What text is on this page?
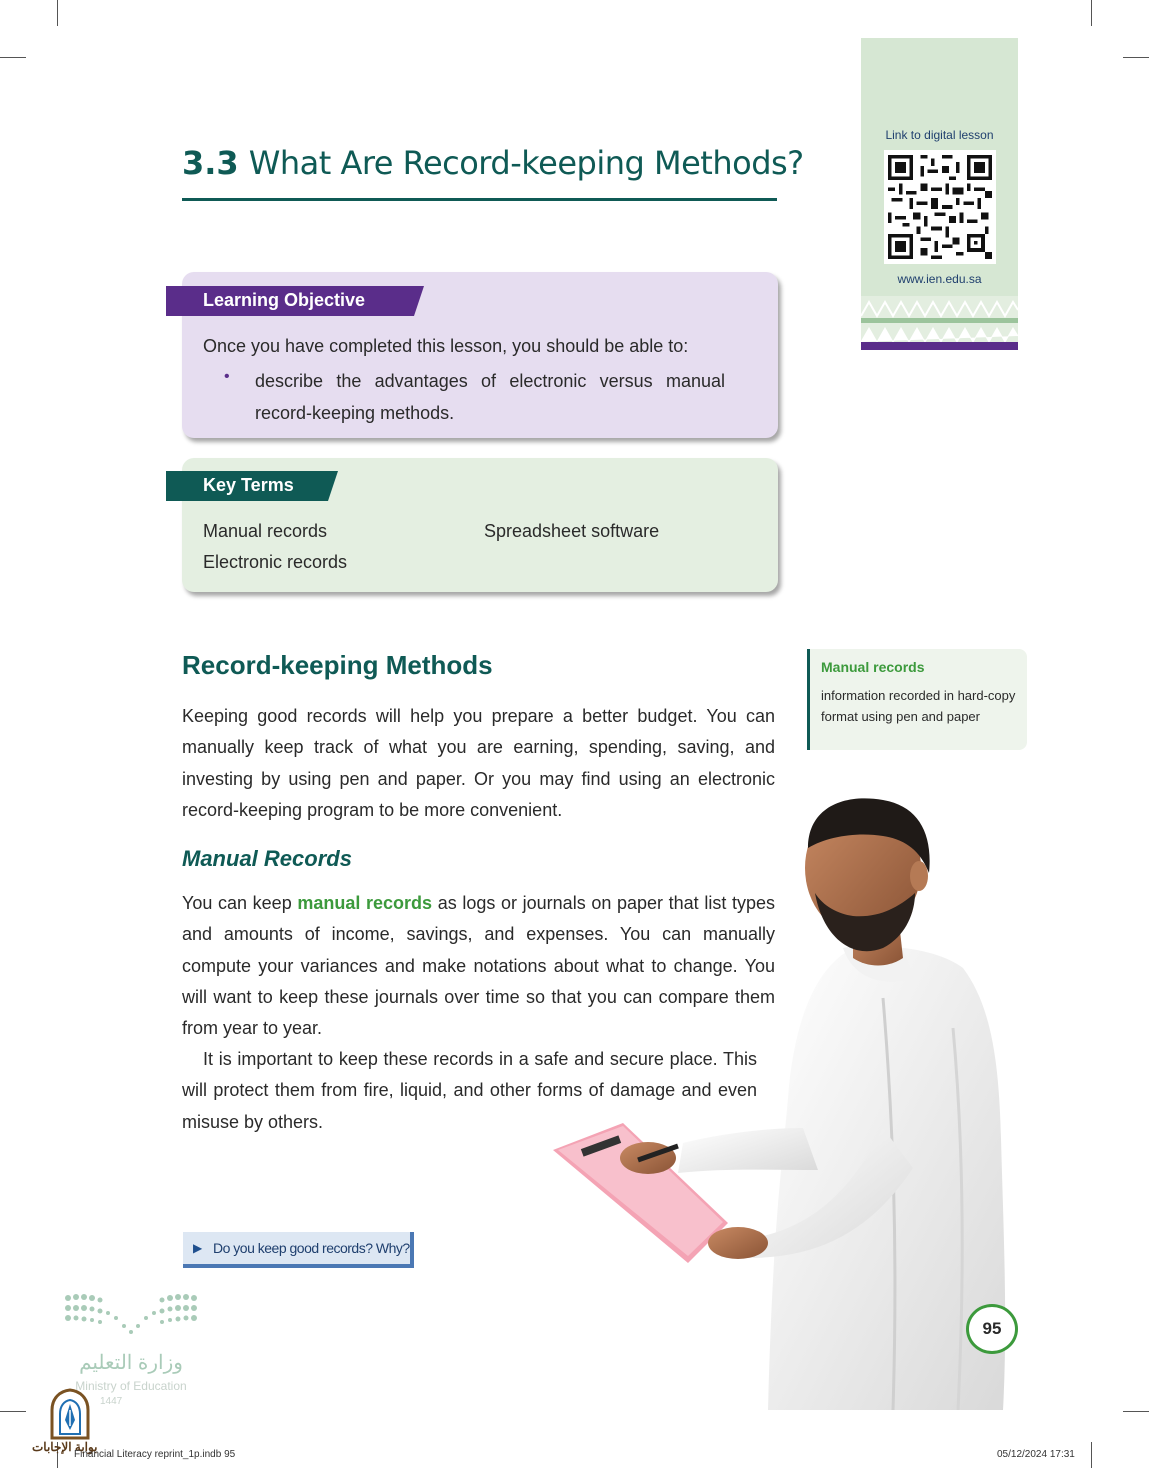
3.3 What Are Record-keeping Methods?
Link to digital lesson
www.ien.edu.sa
Learning Objective
Once you have completed this lesson, you should be able to:
• describe the advantages of electronic versus manual record-keeping methods.
Key Terms
Manual records
Electronic records
Spreadsheet software
Record-keeping Methods
Keeping good records will help you prepare a better budget. You can manually keep track of what you are earning, spending, saving, and investing by using pen and paper. Or you may find using an electronic record-keeping program to be more convenient.
Manual Records
You can keep manual records as logs or journals on paper that list types and amounts of income, savings, and expenses. You can manually compute your variances and make notations about what to change. You will want to keep these journals over time so that you can compare them from year to year.
It is important to keep these records in a safe and secure place. This will protect them from fire, liquid, and other forms of damage and even misuse by others.
Manual records
information recorded in hard-copy format using pen and paper
▶ Do you keep good records? Why?
95
وزارة التعليم
Ministry of Education
1447
بوابة الإجابات
Financial Literacy reprint_1p.indb 95	05/12/2024 17:31
